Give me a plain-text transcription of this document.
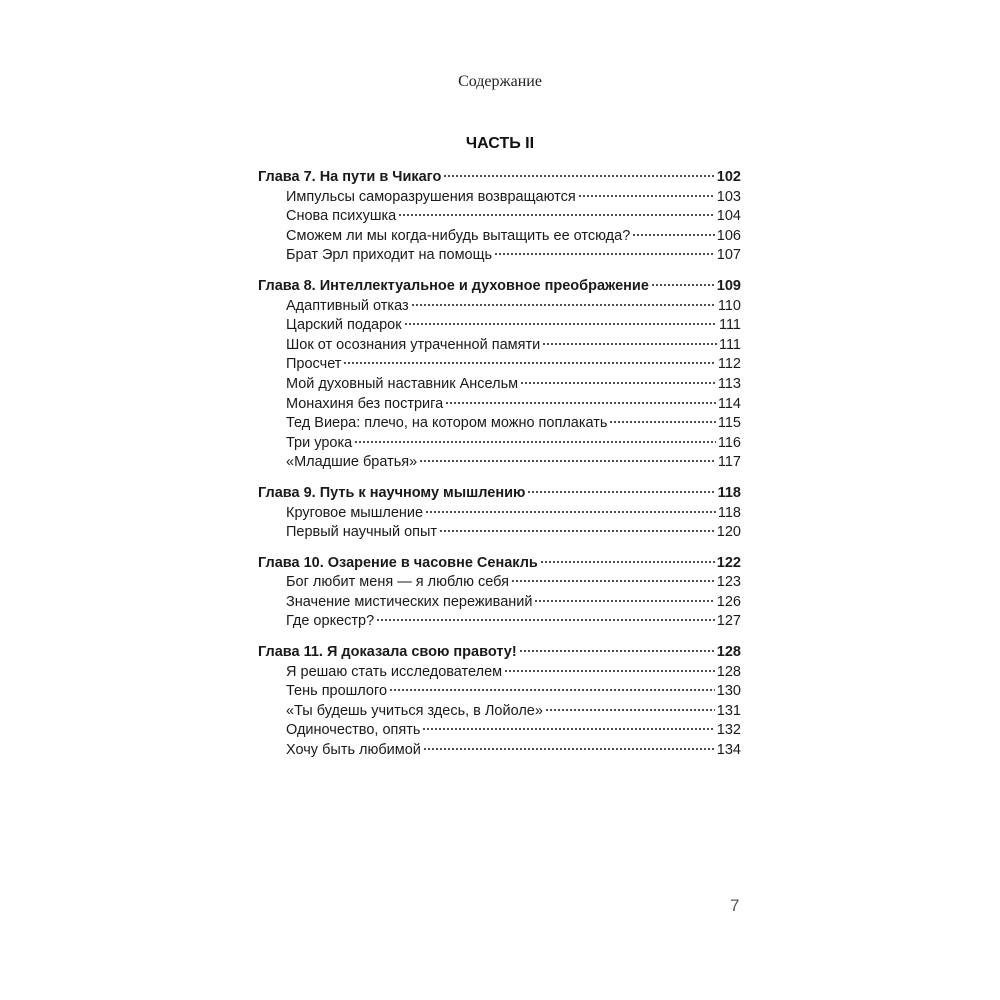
Содержание
ЧАСТЬ II
Глава 7. На пути в Чикаго	102
Импульсы саморазрушения возвращаются	103
Снова психушка	104
Сможем ли мы когда-нибудь вытащить ее отсюда?	106
Брат Эрл приходит на помощь	107
Глава 8. Интеллектуальное и духовное преображение	109
Адаптивный отказ	110
Царский подарок	111
Шок от осознания утраченной памяти	111
Просчет	112
Мой духовный наставник Ансельм	113
Монахиня без пострига	114
Тед Виера: плечо, на котором можно поплакать	115
Три урока	116
«Младшие братья»	117
Глава 9. Путь к научному мышлению	118
Круговое мышление	118
Первый научный опыт	120
Глава 10. Озарение в часовне Сенакль	122
Бог любит меня — я люблю себя	123
Значение мистических переживаний	126
Где оркестр?	127
Глава 11. Я доказала свою правоту!	128
Я решаю стать исследователем	128
Тень прошлого	130
«Ты будешь учиться здесь, в Лойоле»	131
Одиночество, опять	132
Хочу быть любимой	134
7
